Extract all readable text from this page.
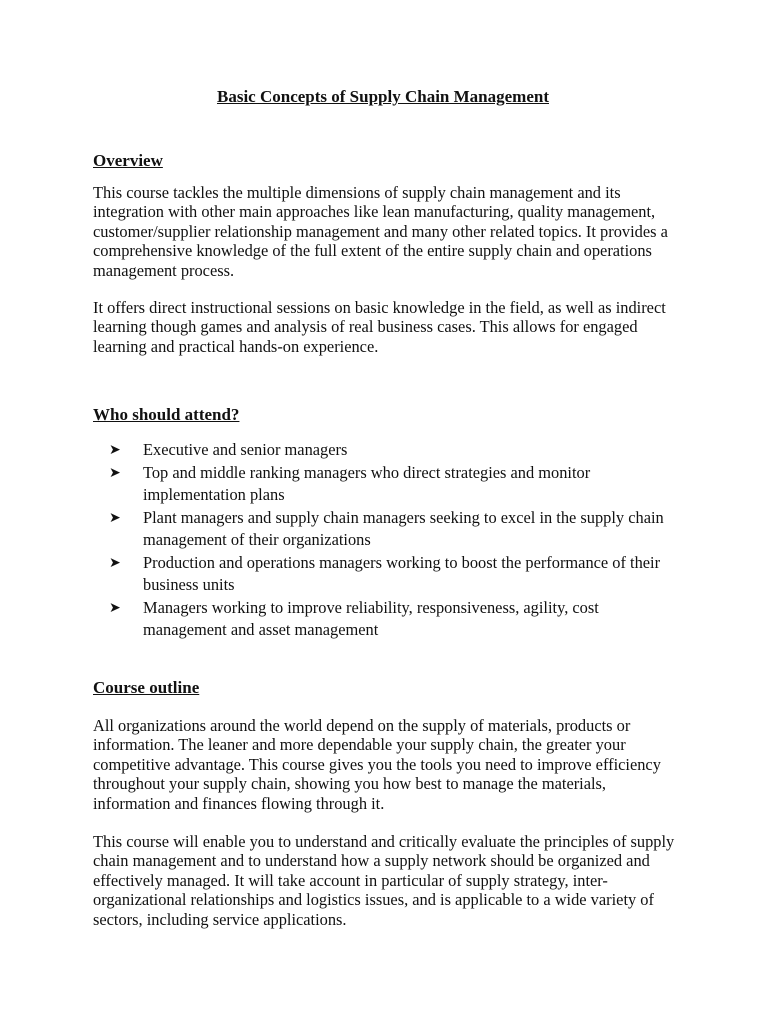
Basic Concepts of Supply Chain Management
Overview

This course tackles the multiple dimensions of supply chain management and its integration with other main approaches like lean manufacturing, quality management, customer/supplier relationship management and many other related topics. It provides a comprehensive knowledge of the full extent of the entire supply chain and operations management process.

It offers direct instructional sessions on basic knowledge in the field, as well as indirect learning though games and analysis of real business cases. This allows for engaged learning and practical hands-on experience.

Who should attend?
➤ Executive and senior managers
➤ Top and middle ranking managers who direct strategies and monitor implementation plans
➤ Plant managers and supply chain managers seeking to excel in the supply chain management of their organizations
➤ Production and operations managers working to boost the performance of their business units
➤ Managers working to improve reliability, responsiveness, agility, cost management and asset management
Course outline

All organizations around the world depend on the supply of materials, products or information. The leaner and more dependable your supply chain, the greater your competitive advantage. This course gives you the tools you need to improve efficiency throughout your supply chain, showing you how best to manage the materials, information and finances flowing through it.

This course will enable you to understand and critically evaluate the principles of supply chain management and to understand how a supply network should be organized and effectively managed. It will take account in particular of supply strategy, inter-organizational relationships and logistics issues, and is applicable to a wide variety of sectors, including service applications.
